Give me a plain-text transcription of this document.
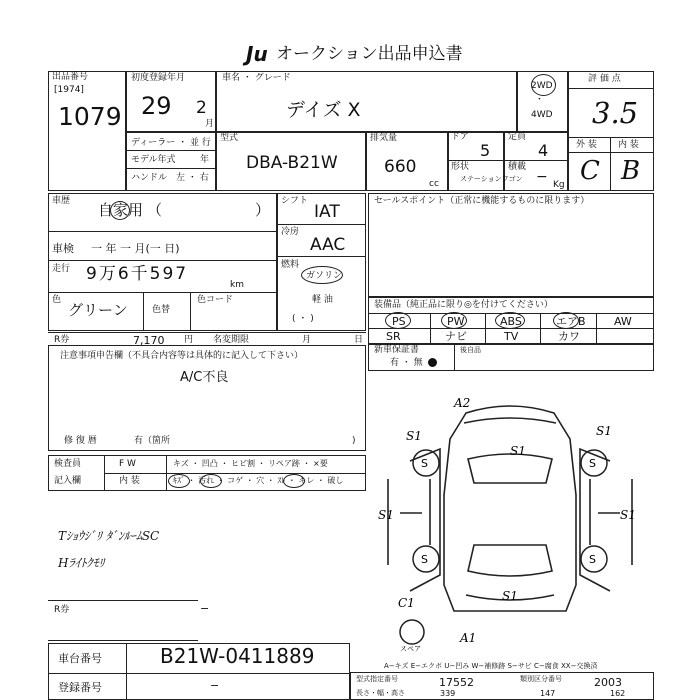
Ju オークション出品申込書
出品番号
[1974]
1079
初度登録年月
29 2
月
ディーラー ・ 並 行
モデル年式	年
ハンドル 左 ・ 右
車名 ・ グレード
デイズ X
型式
DBA-B21W
排気量
660
cc
ドア
5
形状
ステーションワゴン
定員
4
積載
− Kg
2WD
・
4WD
評 価 点
3.5
外 装 内 装
C B
車歴 自家用 （	）
車検 一 年 一 月(一 日)
走行 9万6千597
km
色
グリーン	色替
色コード
シフト
IAT
冷房
AAC
燃料
ガソリン
軽 油
( ・ )
R券	7,170 円 名変期限	月	日
セールスポイント（正常に機能するものに限ります）
装備品（純正品に限り◎を付けてください）
PS	PW	ABS	エアB	AW
SR	ナビ	TV	カワ
新車保証書
有 ・ 無
後自品
注意事項申告欄（不具合内容等は具体的に記入して下さい）
A/C不良
修 復 暦	有（箇所	)
検査員
記入欄
F W
内 装
キズ ・ 凹凸 ・ ヒビ割 ・ リペア跡 ・ ×要
ｷｽﾞ ・ 汚れ ・ コゲ ・ 穴 ・ ｽﾚ ・ キレ ・ 破し
Tｼｮｳｼﾞﾘ ﾀﾞﾝﾙｰﾑSC
Hﾗｲﾄｸﾓﾘ
R券	−
車台番号	B21W-0411889
登録番号	−
A−キズ E−エクボ U−凹み W−補修跡 S−サビ C−腐食 XX−交換済
型式指定番号	17552	類別区分番号	2003
長さ・幅・高さ	339	147	162
A2
S1
S1
S1
S1	S1
S1
C1
A1
S	S
S	S
スペア
